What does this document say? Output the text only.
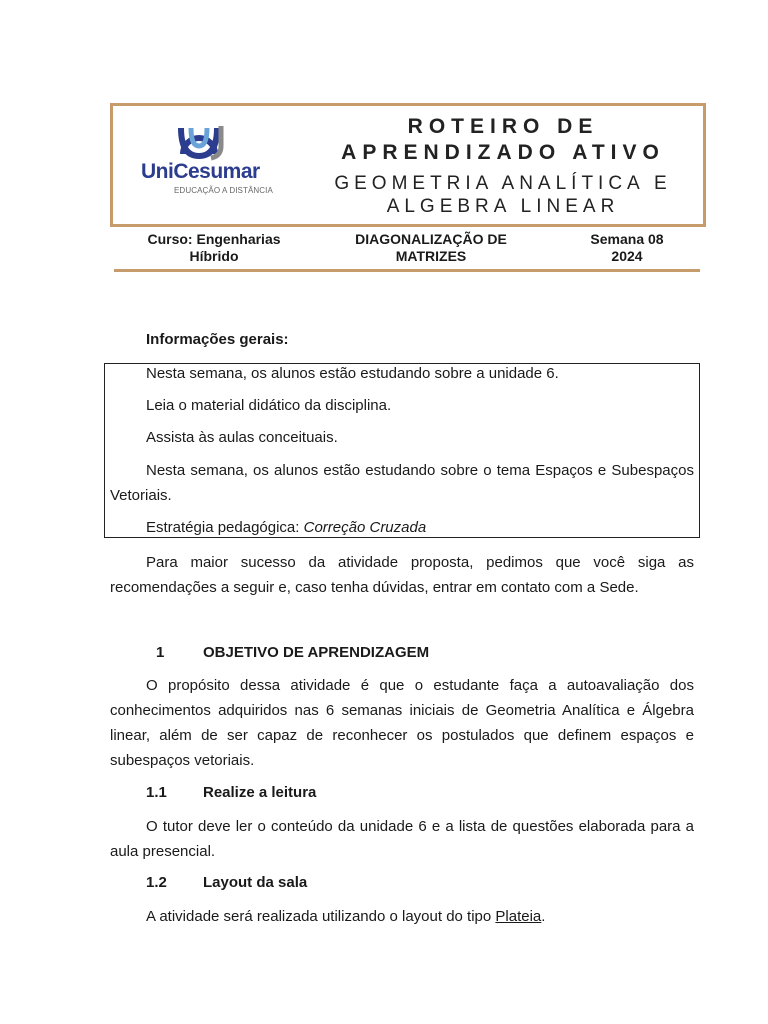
UniCesumar
EDUCAÇÃO A DISTÂNCIA
ROTEIRO DE
APRENDIZADO ATIVO
GEOMETRIA ANALÍTICA E
ALGEBRA LINEAR
Curso: Engenharias
Híbrido
DIAGONALIZAÇÃO DE
MATRIZES
Semana 08
2024
Informações gerais:
Nesta semana, os alunos estão estudando sobre a unidade 6.
Leia o material didático da disciplina.
Assista às aulas conceituais.
Nesta semana, os alunos estão estudando sobre o tema Espaços e Subespaços Vetoriais.
Estratégia pedagógica: Correção Cruzada
Para maior sucesso da atividade proposta, pedimos que você siga as recomendações a seguir e, caso tenha dúvidas, entrar em contato com a Sede.
1	OBJETIVO DE APRENDIZAGEM
O propósito dessa atividade é que o estudante faça a autoavaliação dos conhecimentos adquiridos nas 6 semanas iniciais de Geometria Analítica e Álgebra linear, além de ser capaz de reconhecer os postulados que definem espaços e subespaços vetoriais.
1.1 Realize a leitura
O tutor deve ler o conteúdo da unidade 6 e a lista de questões elaborada para a aula presencial.
1.2 Layout da sala
A atividade será realizada utilizando o layout do tipo Plateia.
